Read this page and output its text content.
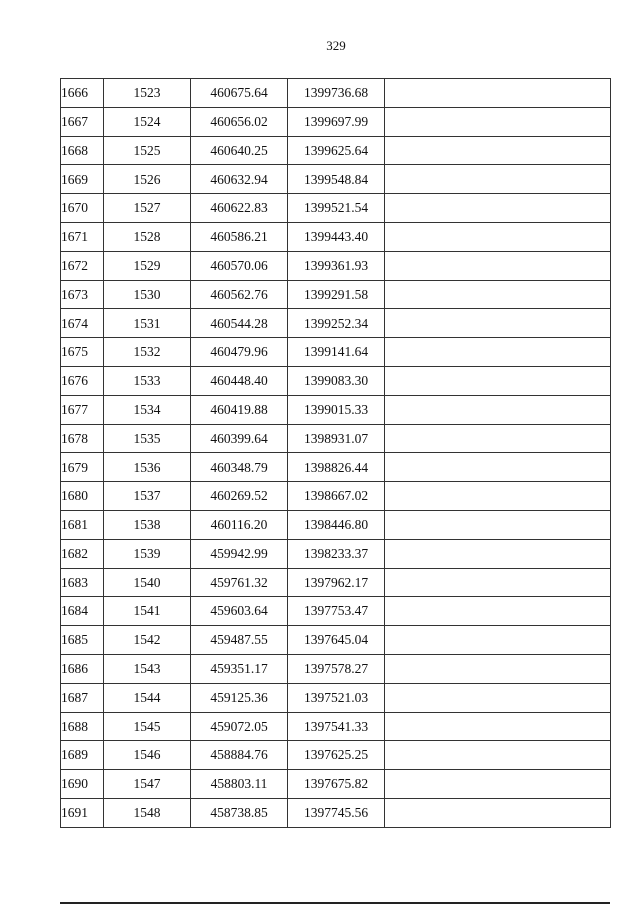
329
1666	1523	460675.64	1399736.68	
1667	1524	460656.02	1399697.99	
1668	1525	460640.25	1399625.64	
1669	1526	460632.94	1399548.84	
1670	1527	460622.83	1399521.54	
1671	1528	460586.21	1399443.40	
1672	1529	460570.06	1399361.93	
1673	1530	460562.76	1399291.58	
1674	1531	460544.28	1399252.34	
1675	1532	460479.96	1399141.64	
1676	1533	460448.40	1399083.30	
1677	1534	460419.88	1399015.33	
1678	1535	460399.64	1398931.07	
1679	1536	460348.79	1398826.44	
1680	1537	460269.52	1398667.02	
1681	1538	460116.20	1398446.80	
1682	1539	459942.99	1398233.37	
1683	1540	459761.32	1397962.17	
1684	1541	459603.64	1397753.47	
1685	1542	459487.55	1397645.04	
1686	1543	459351.17	1397578.27	
1687	1544	459125.36	1397521.03	
1688	1545	459072.05	1397541.33	
1689	1546	458884.76	1397625.25	
1690	1547	458803.11	1397675.82	
1691	1548	458738.85	1397745.56	
